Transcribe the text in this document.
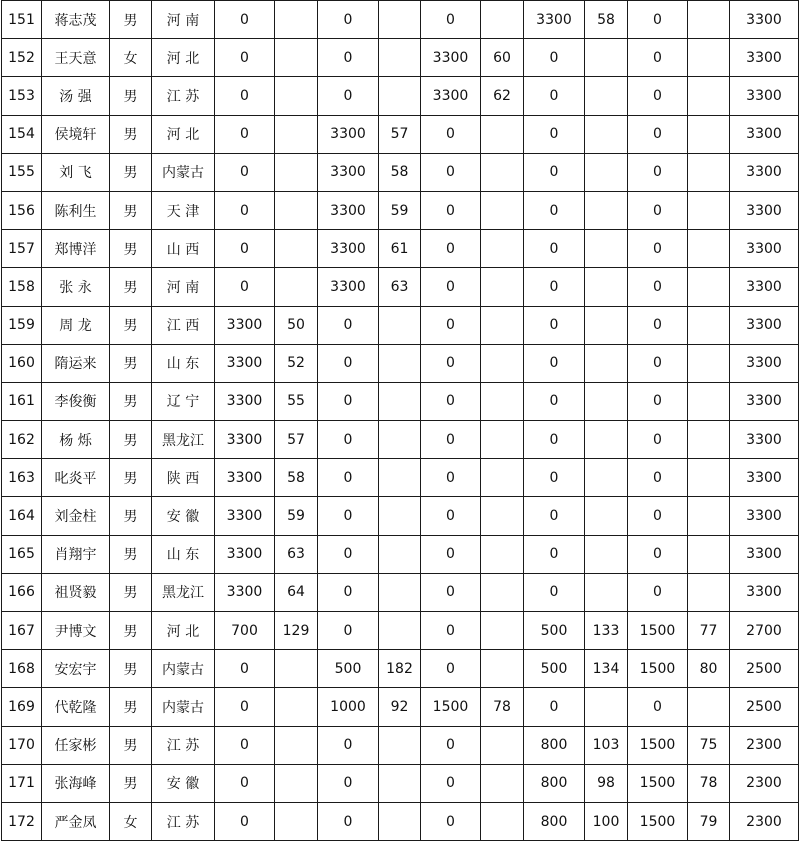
151	蒋志茂	男	河 南	0		0		0		3300	58	0		3300
152	王天意	女	河 北	0		0		3300	60	0		0		3300
153	汤 强	男	江 苏	0		0		3300	62	0		0		3300
154	侯境轩	男	河 北	0		3300	57	0		0		0		3300
155	刘 飞	男	内蒙古	0		3300	58	0		0		0		3300
156	陈利生	男	天 津	0		3300	59	0		0		0		3300
157	郑博洋	男	山 西	0		3300	61	0		0		0		3300
158	张 永	男	河 南	0		3300	63	0		0		0		3300
159	周 龙	男	江 西	3300	50	0		0		0		0		3300
160	隋运来	男	山 东	3300	52	0		0		0		0		3300
161	李俊衡	男	辽 宁	3300	55	0		0		0		0		3300
162	杨 烁	男	黑龙江	3300	57	0		0		0		0		3300
163	叱炎平	男	陕 西	3300	58	0		0		0		0		3300
164	刘金柱	男	安 徽	3300	59	0		0		0		0		3300
165	肖翔宇	男	山 东	3300	63	0		0		0		0		3300
166	祖贤毅	男	黑龙江	3300	64	0		0		0		0		3300
167	尹博文	男	河 北	700	129	0		0		500	133	1500	77	2700
168	安宏宇	男	内蒙古	0		500	182	0		500	134	1500	80	2500
169	代乾隆	男	内蒙古	0		1000	92	1500	78	0		0		2500
170	任家彬	男	江 苏	0		0		0		800	103	1500	75	2300
171	张海峰	男	安 徽	0		0		0		800	98	1500	78	2300
172	严金凤	女	江 苏	0		0		0		800	100	1500	79	2300
